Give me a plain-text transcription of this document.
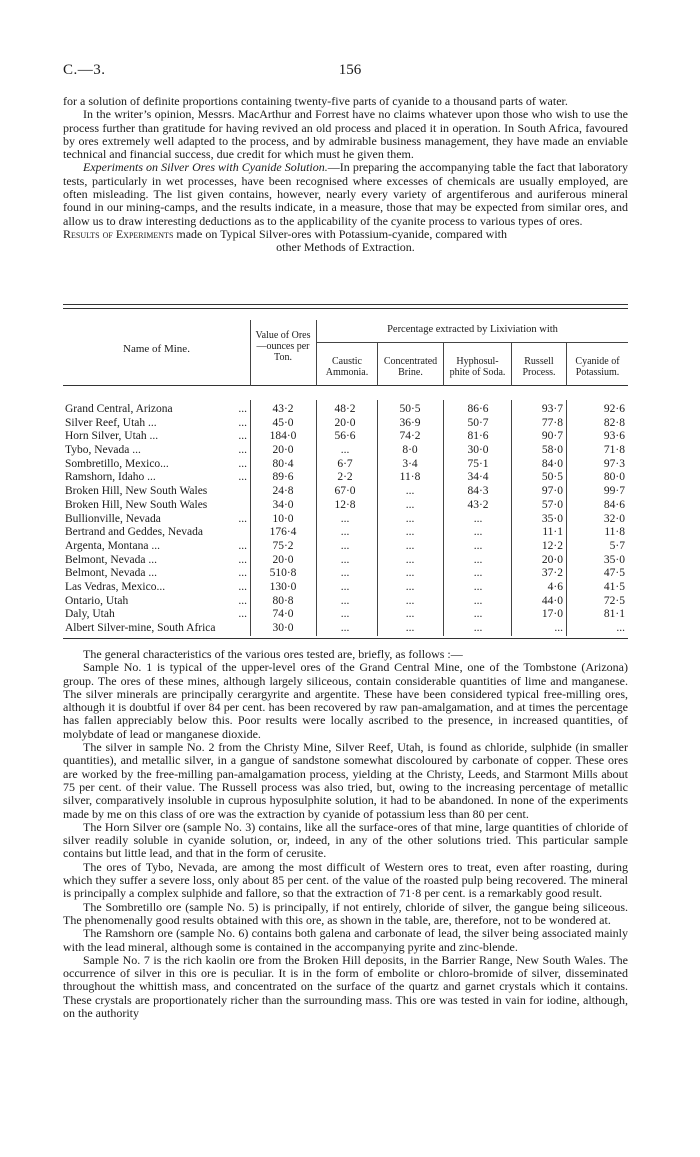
C.—3.	156

for a solution of definite proportions containing twenty-five parts of cyanide to a thousand parts of water.

In the writer’s opinion, Messrs. MacArthur and Forrest have no claims whatever upon those who wish to use the process further than gratitude for having revived an old process and placed it in operation. In South Africa, favoured by ores extremely well adapted to the process, and by admirable business management, they have made an enviable technical and financial success, due credit for which must he given them.

Experiments on Silver Ores with Cyanide Solution.—In preparing the accompanying table the fact that laboratory tests, particularly in wet processes, have been recognised where excesses of chemicals are usually employed, are often misleading. The list given contains, however, nearly every variety of argentiferous and auriferous mineral found in our mining-camps, and the results indicate, in a measure, those that may be expected from similar ores, and allow us to draw interesting deductions as to the applicability of the cyanite process to various types of ores.

Results of Experiments made on Typical Silver-ores with Potassium-cyanide, compared with
other Methods of Extraction.

Name of Mine.
Value of Ores
—ounces per
Ton.
Percentage extracted by Lixiviation with
Caustic
Ammonia.
Concentrated
Brine.
Hyphosul-
phite of Soda.
Russell
Process.
Cyanide of
Potassium.
Grand Central, Arizona	...	43·2	48·2	50·5	86·6	93·7	92·6
Silver Reef, Utah ...	...	45·0	20·0	36·9	50·7	77·8	82·8
Horn Silver, Utah ...	...	184·0	56·6	74·2	81·6	90·7	93·6
Tybo, Nevada ...	...	20·0	...	8·0	30·0	58·0	71·8
Sombretillo, Mexico...	...	80·4	6·7	3·4	75·1	84·0	97·3
Ramshorn, Idaho ...	...	89·6	2·2	11·8	34·4	50·5	80·0
Broken Hill, New South Wales	24·8	67·0	...	84·3	97·0	99·7
Broken Hill, New South Wales	34·0	12·8	...	43·2	57·0	84·6
Bullionville, Nevada	...	10·0	...	...	...	35·0	32·0
Bertrand and Geddes, Nevada	176·4	...	...	...	11·1	11·8
Argenta, Montana ...	...	75·2	...	...	...	12·2	5·7
Belmont, Nevada ...	...	20·0	...	...	...	20·0	35·0
Belmont, Nevada ...	...	510·8	...	...	...	37·2	47·5
Las Vedras, Mexico...	...	130·0	...	...	...	4·6	41·5
Ontario, Utah	...	80·8	...	...	...	44·0	72·5
Daly, Utah	...	74·0	...	...	...	17·0	81·1
Albert Silver-mine, South Africa	30·0	...	...	...	...	...

The general characteristics of the various ores tested are, briefly, as follows :—

Sample No. 1 is typical of the upper-level ores of the Grand Central Mine, one of the Tombstone (Arizona) group. The ores of these mines, although largely siliceous, contain considerable quantities of lime and manganese. The silver minerals are principally cerargyrite and argentite. These have been considered typical free-milling ores, although it is doubtful if over 84 per cent. has been recovered by raw pan-amalgamation, and at times the percentage has fallen appreciably below this. Poor results were locally ascribed to the presence, in increased quantities, of molybdate of lead or manganese dioxide.

The silver in sample No. 2 from the Christy Mine, Silver Reef, Utah, is found as chloride, sulphide (in smaller quantities), and metallic silver, in a gangue of sandstone somewhat discoloured by carbonate of copper. These ores are worked by the free-milling pan-amalgamation process, yielding at the Christy, Leeds, and Starmont Mills about 75 per cent. of their value. The Russell process was also tried, but, owing to the increasing percentage of metallic silver, comparatively insoluble in cuprous hyposulphite solution, it had to be abandoned. In none of the experiments made by me on this class of ore was the extraction by cyanide of potassium less than 80 per cent.

The Horn Silver ore (sample No. 3) contains, like all the surface-ores of that mine, large quantities of chloride of silver readily soluble in cyanide solution, or, indeed, in any of the other solutions tried. This particular sample contains but little lead, and that in the form of cerusite.

The ores of Tybo, Nevada, are among the most difficult of Western ores to treat, even after roasting, during which they suffer a severe loss, only about 85 per cent. of the value of the roasted pulp being recovered. The mineral is principally a complex sulphide and fallore, so that the extraction of 71·8 per cent. is a remarkably good result.

The Sombretillo ore (sample No. 5) is principally, if not entirely, chloride of silver, the gangue being siliceous. The phenomenally good results obtained with this ore, as shown in the table, are, therefore, not to be wondered at.

The Ramshorn ore (sample No. 6) contains both galena and carbonate of lead, the silver being associated mainly with the lead mineral, although some is contained in the accompanying pyrite and zinc-blende.

Sample No. 7 is the rich kaolin ore from the Broken Hill deposits, in the Barrier Range, New South Wales. The occurrence of silver in this ore is peculiar. It is in the form of embolite or chloro-bromide of silver, disseminated throughout the whittish mass, and concentrated on the surface of the quartz and garnet crystals which it contains. These crystals are proportionately richer than the surrounding mass. This ore was tested in vain for iodine, although, on the authority
